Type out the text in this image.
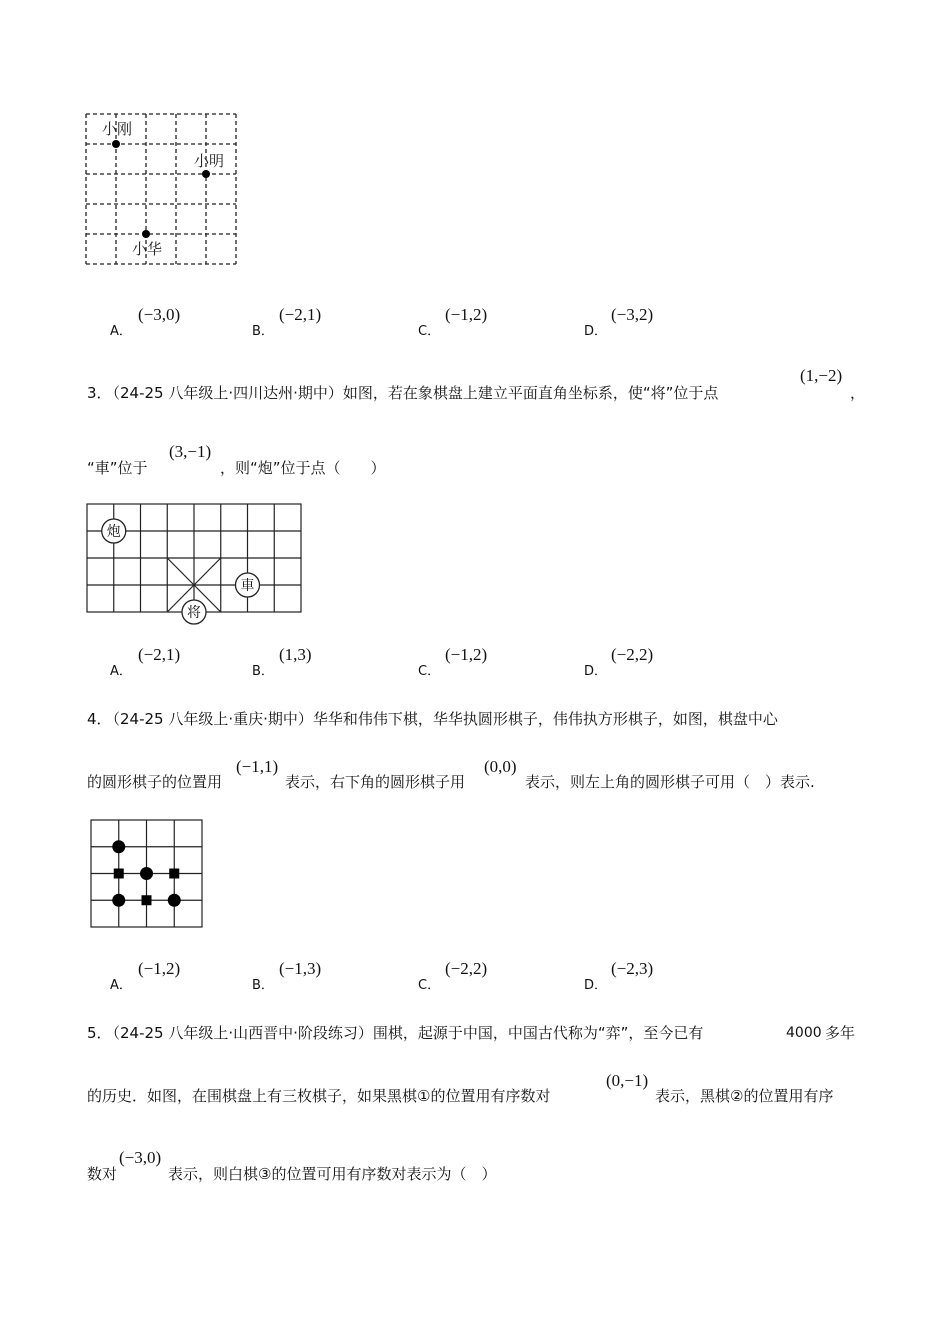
小刚
小明
小华
A．
(−3,0)
B．
(−2,1)
C．
(−1,2)
D．
(−3,2)
3．
（24-25 八年级上·四川达州·期中）如图，若在象棋盘上建立平面直角坐标系，使“将”位于点
(1,−2)
，
“車”位于
(3,−1)
，则“炮”位于点（　　）
炮
車
将
A．
(−2,1)
B．
(1,3)
C．
(−1,2)
D．
(−2,2)
4．
（24-25 八年级上·重庆·期中）华华和伟伟下棋，华华执圆形棋子，伟伟执方形棋子，如图，棋盘中心
的圆形棋子的位置用
(−1,1)
表示，右下角的圆形棋子用
(0,0)
表示，则左上角的圆形棋子可用（　）表示.
A．
(−1,2)
B．
(−1,3)
C．
(−2,2)
D．
(−2,3)
5．
（24-25 八年级上·山西晋中·阶段练习）围棋，起源于中国，中国古代称为“弈”，至今已有	4000 多年
的历史．如图，在围棋盘上有三枚棋子，如果黑棋①的位置用有序数对
(0,−1)
表示，黑棋②的位置用有序
数对
(−3,0)
表示，则白棋③的位置可用有序数对表示为（　）
